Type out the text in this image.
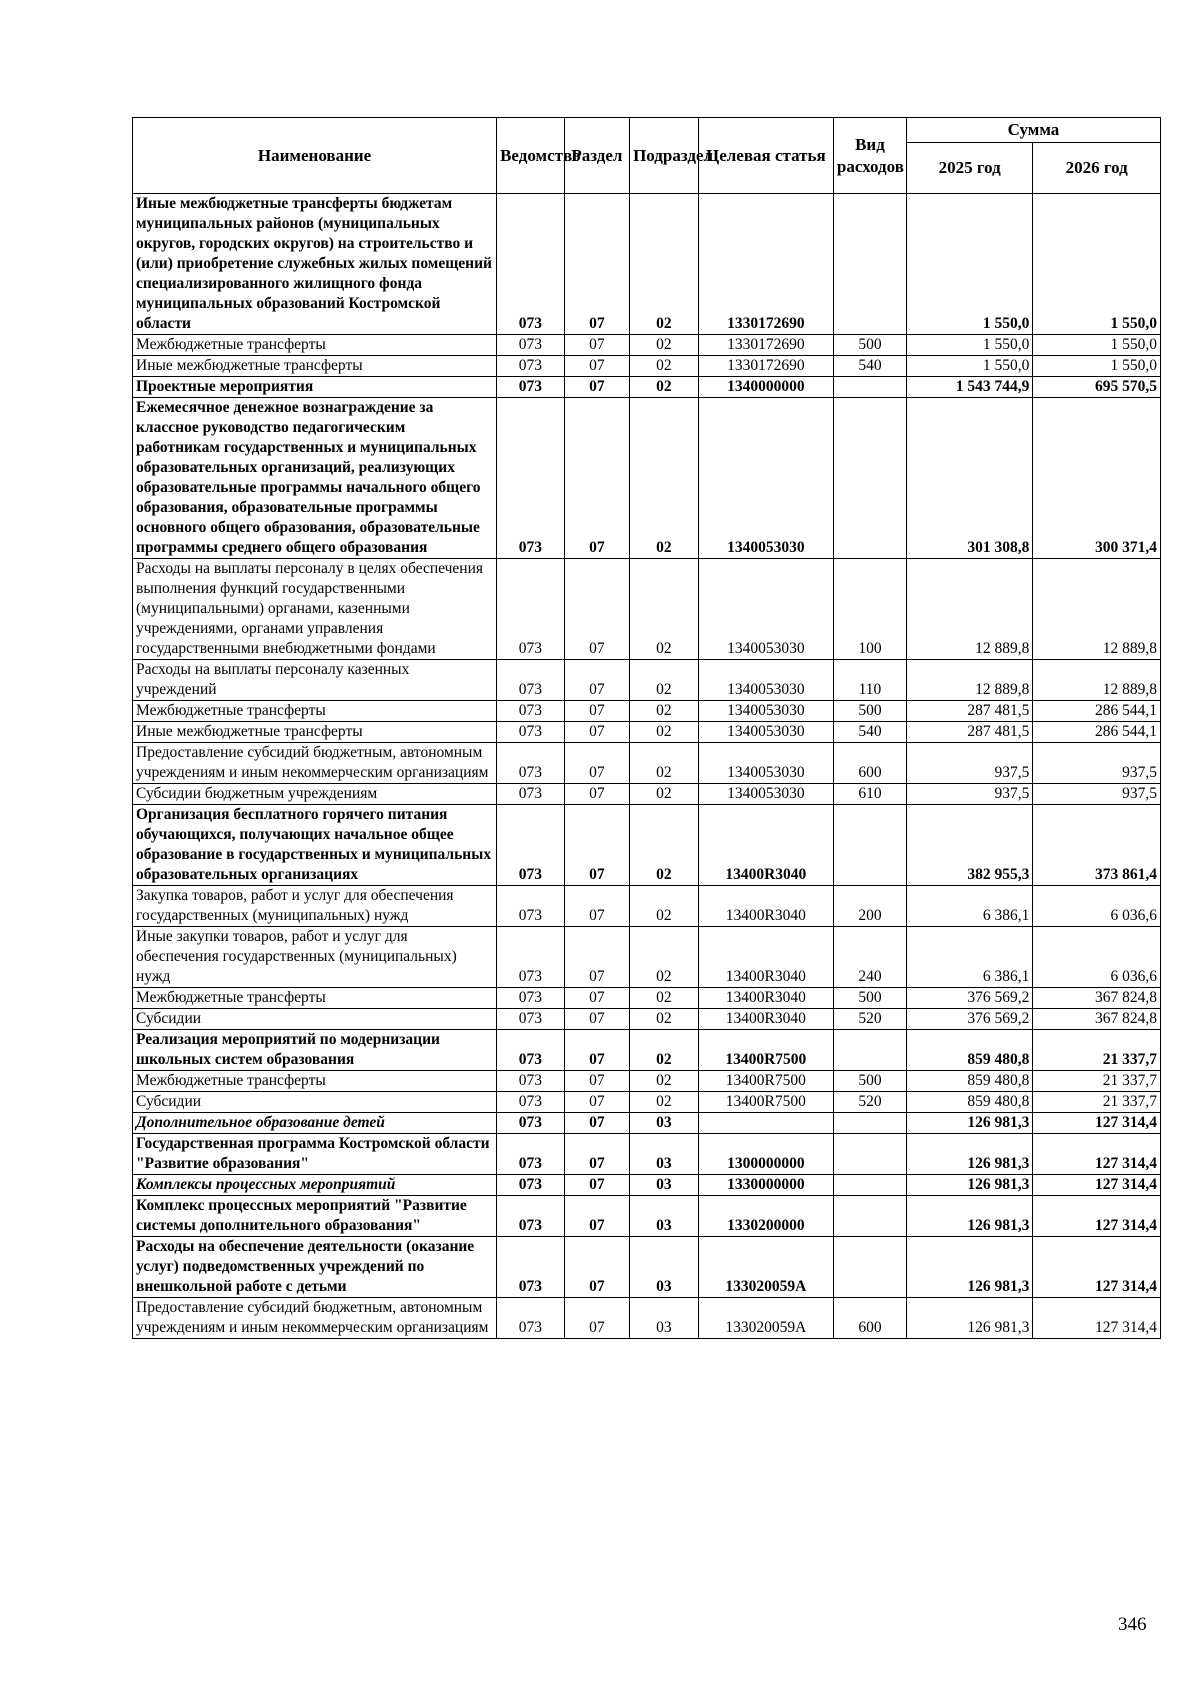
Наименование	Ведомство	Раздел	Подраздел	Целевая статья	Вид расходов	Сумма	
						2025 год	2026 год
Иные межбюджетные трансферты бюджетам муниципальных районов (муниципальных округов, городских округов) на строительство и (или) приобретение служебных жилых помещений специализированного жилищного фонда муниципальных образований Костромской области	073	07	02	1330172690		1 550,0	1 550,0
Межбюджетные трансферты	073	07	02	1330172690	500	1 550,0	1 550,0
Иные межбюджетные трансферты	073	07	02	1330172690	540	1 550,0	1 550,0
Проектные мероприятия	073	07	02	1340000000		1 543 744,9	695 570,5
Ежемесячное денежное вознаграждение за классное руководство педагогическим работникам государственных и муниципальных образовательных организаций, реализующих образовательные программы начального общего образования, образовательные программы основного общего образования, образовательные программы среднего общего образования	073	07	02	1340053030		301 308,8	300 371,4
Расходы на выплаты персоналу в целях обеспечения выполнения функций государственными (муниципальными) органами, казенными учреждениями, органами управления государственными внебюджетными фондами	073	07	02	1340053030	100	12 889,8	12 889,8
Расходы на выплаты персоналу казенных учреждений	073	07	02	1340053030	110	12 889,8	12 889,8
Межбюджетные трансферты	073	07	02	1340053030	500	287 481,5	286 544,1
Иные межбюджетные трансферты	073	07	02	1340053030	540	287 481,5	286 544,1
Предоставление субсидий бюджетным, автономным учреждениям и иным некоммерческим организациям	073	07	02	1340053030	600	937,5	937,5
Субсидии бюджетным учреждениям	073	07	02	1340053030	610	937,5	937,5
Организация бесплатного горячего питания обучающихся, получающих начальное общее образование в государственных и муниципальных образовательных организациях	073	07	02	13400R3040		382 955,3	373 861,4
Закупка товаров, работ и услуг для обеспечения государственных (муниципальных) нужд	073	07	02	13400R3040	200	6 386,1	6 036,6
Иные закупки товаров, работ и услуг для обеспечения государственных (муниципальных) нужд	073	07	02	13400R3040	240	6 386,1	6 036,6
Межбюджетные трансферты	073	07	02	13400R3040	500	376 569,2	367 824,8
Субсидии	073	07	02	13400R3040	520	376 569,2	367 824,8
Реализация мероприятий по модернизации школьных систем образования	073	07	02	13400R7500		859 480,8	21 337,7
Межбюджетные трансферты	073	07	02	13400R7500	500	859 480,8	21 337,7
Субсидии	073	07	02	13400R7500	520	859 480,8	21 337,7
Дополнительное образование детей	073	07	03			126 981,3	127 314,4
Государственная программа Костромской области "Развитие образования"	073	07	03	1300000000		126 981,3	127 314,4
Комплексы процессных мероприятий	073	07	03	1330000000		126 981,3	127 314,4
Комплекс процессных мероприятий "Развитие системы дополнительного образования"	073	07	03	1330200000		126 981,3	127 314,4
Расходы на обеспечение деятельности (оказание услуг) подведомственных учреждений по внешкольной работе с детьми	073	07	03	133020059А		126 981,3	127 314,4
Предоставление субсидий бюджетным, автономным учреждениям и иным некоммерческим организациям	073	07	03	133020059А	600	126 981,3	127 314,4
346
